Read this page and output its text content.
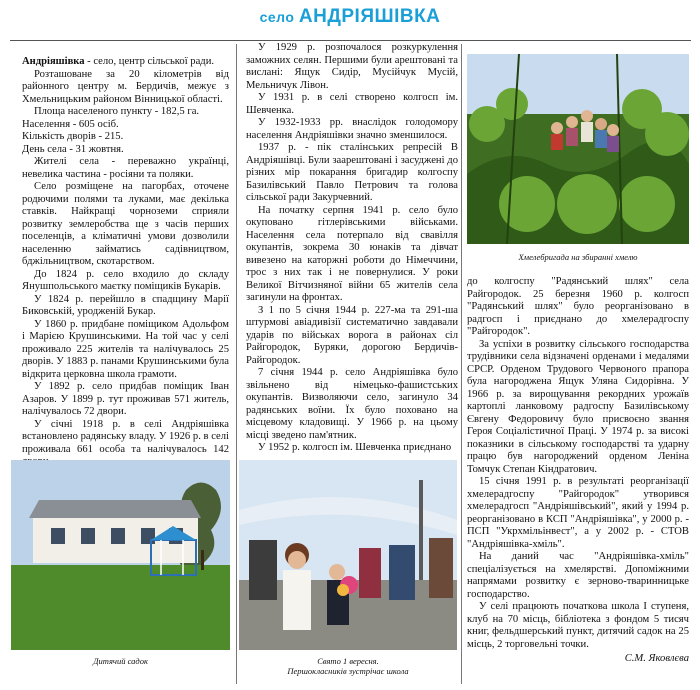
село АНДРІЯШІВКА

Андріяшівка - село, центр сільської ради.

Розташоване за 20 кілометрів від районного центру м. Бердичів, межує з Хмельницьким районом Вінницької області.

Площа населеного пункту - 182,5 га.

Населення - 605 осіб.

Кількість дворів - 215.

День села - 31 жовтня.

Жителі села - переважно українці, невелика частина - росіяни та поляки.

Село розміщене на пагорбах, оточене родючими полями та луками, має декілька ставків. Найкращі чорноземи сприяли розвитку землеробства ще з часів перших поселенців, а кліматичні умови дозволили населенню займатись садівництвом, бджільництвом, скотарством.

До 1824 р. село входило до складу Янушпольського маєтку поміщиків Букарів.

У 1824 р. перейшло в спадщину Марії Биковській, уродженій Букар.

У 1860 р. придбане поміщиком Адольфом і Марією Крушинськими. На той час у селі проживало 225 жителів та налічувалось 25 дворів. У 1883 р. панами Крушинськими була відкрита церковна школа грамоти.

У 1892 р. село придбав поміщик Іван Азаров. У 1899 р. тут проживав 571 житель, налічувалось 72 двори.

У січні 1918 р. в селі Андріяшівка встановлено радянську владу. У 1926 р. в селі проживала 661 особа та налічувалось 142

У 1929 р. розпочалося розкуркулення заможних селян. Першими були арештовані та вислані: Ящук Сидір, Мусійчук Мусій, Мельничук Лівон.

У 1931 р. в селі створено колгосп ім. Шевченка.

У 1932-1933 рр. внаслідок голодомору населення Андріяшівки значно зменшилося.

1937 р. - пік сталінських репресій В Андріяшівці. Були заарештовані і засуджені до різних мір покарання бригадир колгоспу Базилівський Павло Петрович та голова сільської ради Закурчевний.

На початку серпня 1941 р. село було окуповано гітлерівськими військами. Населення села потерпало від свавілля окупантів, зокрема 30 юнаків та дівчат вивезено на каторжні роботи до Німеччини, трос з них так і не повернулися. У роки Великої Вітчизняної війни 65 жителів села загинули на фронтах.

З 1 по 5 січня 1944 р. 227-ма та 291-ша штурмові авіадивізії систематично завдавали ударів по військах ворога в районах сіл Райгородок, Буряки, дорогою Бердичів-Райгородок.

7 січня 1944 р. село Андріяшівка було звільнено від німецько-фашистських окупантів. Визволяючи село, загинуло 34 радянських воїни. Їх було поховано на місцевому кладовищі. У 1966 р. на цьому місці зведено пам'ятник.

У 1952 р. колгосп ім. Шевченка приєднано

до колгоспу "Радянський шлях" села Райгородок. 25 березня 1960 р. колгосп "Радянський шлях" було реорганізовано в радгосп і приєднано до хмелерадгоспу "Райгородок".

За успіхи в розвитку сільського господарства трудівники села відзначені орденами і медалями СРСР. Орденом Трудового Червоного прапора була нагороджена Ящук Уляна Сидорівна. У 1966 р. за вирощування рекордних урожаїв картоплі ланковому радгоспу Базилівському Євгену Федоровичу було присвоєно звання Героя Соціалістичної Праці. У 1974 р. за високі показники в сільському господарстві та ударну працю був нагороджений орденом Леніна Томчук Степан Кіндратович.

15 січня 1991 р. в результаті реорганізації хмелерадгоспу "Райгородок" утворився хмелерадгосп "Андріяшівський", який у 1994 р. реорганізовано в КСП "Андріяшівка", у 2000 р. - ПСП "Укрхмільінвест", а у 2002 р. - СТОВ "Андріяшівка-хміль".

На даний час "Андріяшівка-хміль" спеціалізується на хмелярстві. Допоміжними напрямами розвитку є зерново-тваринницьке господарство.

У селі працюють початкова школа I ступеня, клуб на 70 місць, бібліотека з фондом 5 тисяч книг, фельдшерський пункт, дитячий садок на 25 місць, 2 торговельні точки.

С.М. Яковлєва
Хмелебригада на збиранні хмелю
Дитячий садок	Свято 1 вересня.
Першокласників зустрічає школа
